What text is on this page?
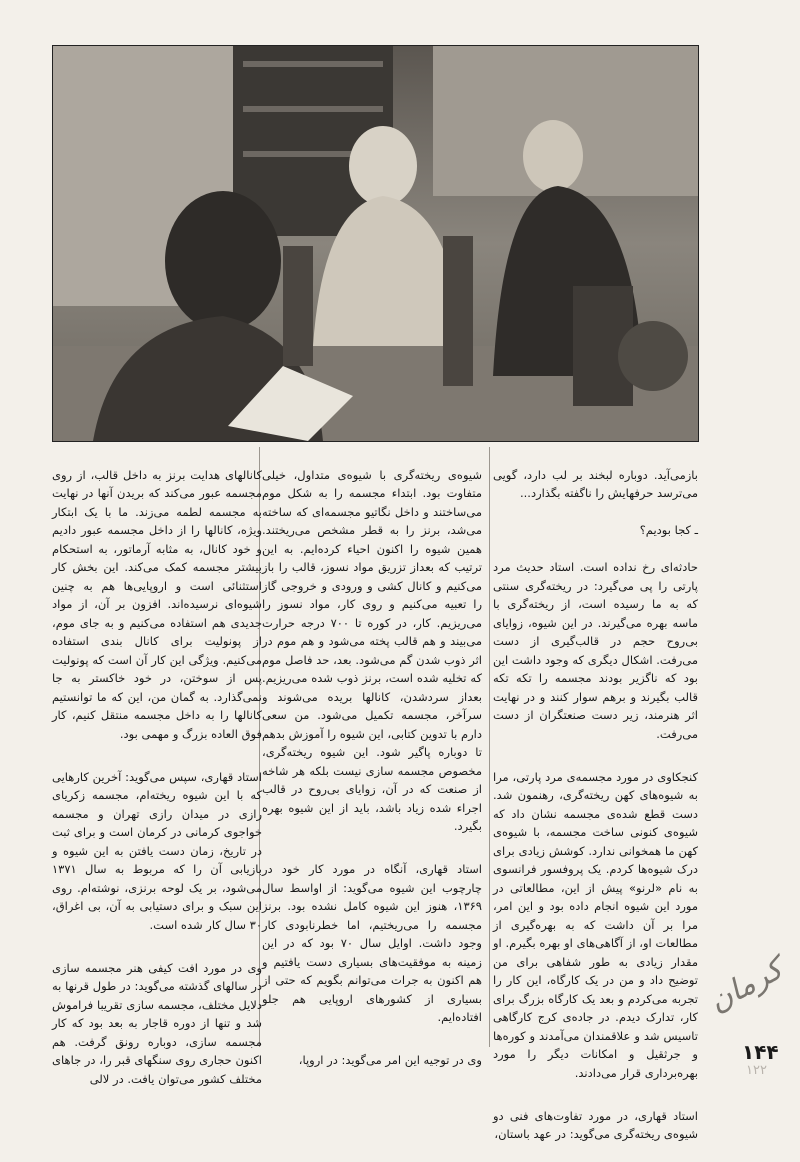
بازمی‌آید. دوباره لبخند بر لب دارد، گویی می‌ترسد حرفهایش را ناگفته بگذارد...

ـ کجا بودیم؟

حادثه‌ای رخ نداده است. استاد حدیث مرد پارتی را پی می‌گیرد: در ریخته‌گری سنتی که به ما رسیده است، از ریخته‌گری با ماسه بهره می‌گیرند. در این شیوه، زوایای بی‌روح حجم در قالب‌گیری از دست می‌رفت. اشکال دیگری که وجود داشت این بود که ناگزیر بودند مجسمه را تکه تکه قالب بگیرند و برهم سوار کنند و در نهایت اثر هنرمند، زیر دست صنعتگران از دست می‌رفت.

کنجکاوی در مورد مجسمه‌ی مرد پارتی، مرا به شیوه‌های کهن ریخته‌گری، رهنمون شد. دست قطع شده‌ی مجسمه نشان داد که شیوه‌ی کنونی ساخت مجسمه، با شیوه‌ی کهن ما همخوانی ندارد. کوشش زیادی برای درک شیوه‌ها کردم. یک پروفسور فرانسوی به نام «لرنو» پیش از این، مطالعاتی در مورد این شیوه انجام داده بود و این امر، مرا بر آن داشت که به بهره‌گیری از مطالعات او، از آگاهی‌های او بهره بگیرم. او مقدار زیادی به طور شفاهی برای من توضیح داد و من در یک کارگاه، این کار را تجربه می‌کردم و بعد یک کارگاه بزرگ برای کار، تدارک دیدم. در جاده‌ی کرج کارگاهی تاسیس شد و علاقمندان می‌آمدند و کوره‌ها و جرثقیل و امکانات دیگر را مورد بهره‌برداری قرار می‌دادند.

استاد قهاری، در مورد تفاوت‌های فنی دو شیوه‌ی ریخته‌گری می‌گوید: در عهد باستان،

شیوه‌ی ریخته‌گری با شیوه‌ی متداول، خیلی متفاوت بود. ابتداء مجسمه را به شکل موم می‌ساختند و داخل نگاتیو مجسمه‌ای که ساخته می‌شد، برنز را به قطر مشخص می‌ریختند. همین شیوه را اکنون احیاء کرده‌ایم. به این ترتیب که بعداز تزریق مواد نسوز، قالب را باز می‌کنیم و کانال کشی و ورودی و خروجی گاز را تعبیه می‌کنیم و روی کار، مواد نسوز را می‌ریزیم. کار، در کوره تا ۷۰۰ درجه حرارت می‌بیند و هم قالب پخته می‌شود و هم موم در اثر ذوب شدن گم می‌شود. بعد، حد فاصل موم که تخلیه شده است، برنز ذوب شده می‌ریزیم. بعداز سردشدن، کانالها بریده می‌شوند و سرآخر، مجسمه تکمیل می‌شود. من سعی دارم با تدوین کتابی، این شیوه را آموزش بدهم تا دوباره پاگیر شود. این شیوه ریخته‌گری، مخصوص مجسمه سازی نیست بلکه هر شاخه از صنعت که در آن، زوایای بی‌روح در قالب اجراء شده زیاد باشد، باید از این شیوه بهره بگیرد.

استاد قهاری، آنگاه در مورد کار خود در چارچوب این شیوه می‌گوید: از اواسط سال ۱۳۶۹، هنوز این شیوه کامل نشده بود. برنز مجسمه را می‌ریختیم، اما خطرنابودی کار وجود داشت. اوایل سال ۷۰ بود که در این زمینه به موفقیت‌های بسیاری دست یافتیم و هم اکنون به جرات می‌توانم بگویم که حتی از بسیاری از کشورهای اروپایی هم جلو افتاده‌ایم.

وی در توجیه این امر می‌گوید: در اروپا،

کانالهای هدایت برنز به داخل قالب، از روی مجسمه عبور می‌کند که بریدن آنها در نهایت به مجسمه لطمه می‌زند. ما با یک ابتکار ویژه، کانالها را از داخل مجسمه عبور دادیم و خود کانال، به مثابه آرماتور، به استحکام بیشتر مجسمه کمک می‌کند. این بخش کار استثنائی است و اروپایی‌ها هم به چنین شیوه‌ای نرسیده‌اند. افزون بر آن، از مواد جدیدی هم استفاده می‌کنیم و به جای موم، از پونولیت برای کانال بندی استفاده می‌کنیم. ویژگی این کار آن است که پونولیت پس از سوختن، در خود خاکستر به جا نمی‌گذارد. به گمان من، این که ما توانستیم کانالها را به داخل مجسمه منتقل کنیم، کار فوق العاده بزرگ و مهمی بود.

استاد قهاری، سپس می‌گوید: آخرین کارهایی که با این شیوه ریخته‌ام، مجسمه زکریای رازی در میدان رازی تهران و مجسمه خواجوی کرمانی در کرمان است و برای ثبت در تاریخ، زمان دست یافتن به این شیوه و بازیابی آن را که مربوط به سال ۱۳۷۱ می‌شود، بر یک لوحه برنزی، نوشته‌ام. روی این سبک و برای دستیابی به آن، بی اغراق، ۳۰ سال کار شده است.

وی در مورد افت کیفی هنر مجسمه سازی در سالهای گذشته می‌گوید: در طول قرنها به دلایل مختلف، مجسمه سازی تقریبا فراموش شد و تنها از دوره قاجار به بعد بود که کار مجسمه سازی، دوباره رونق گرفت. هم اکنون حجاری روی سنگهای قبر را، در جاهای مختلف کشور می‌توان یافت. در لالی

کرمان
۱۴۴
۱۲۲
